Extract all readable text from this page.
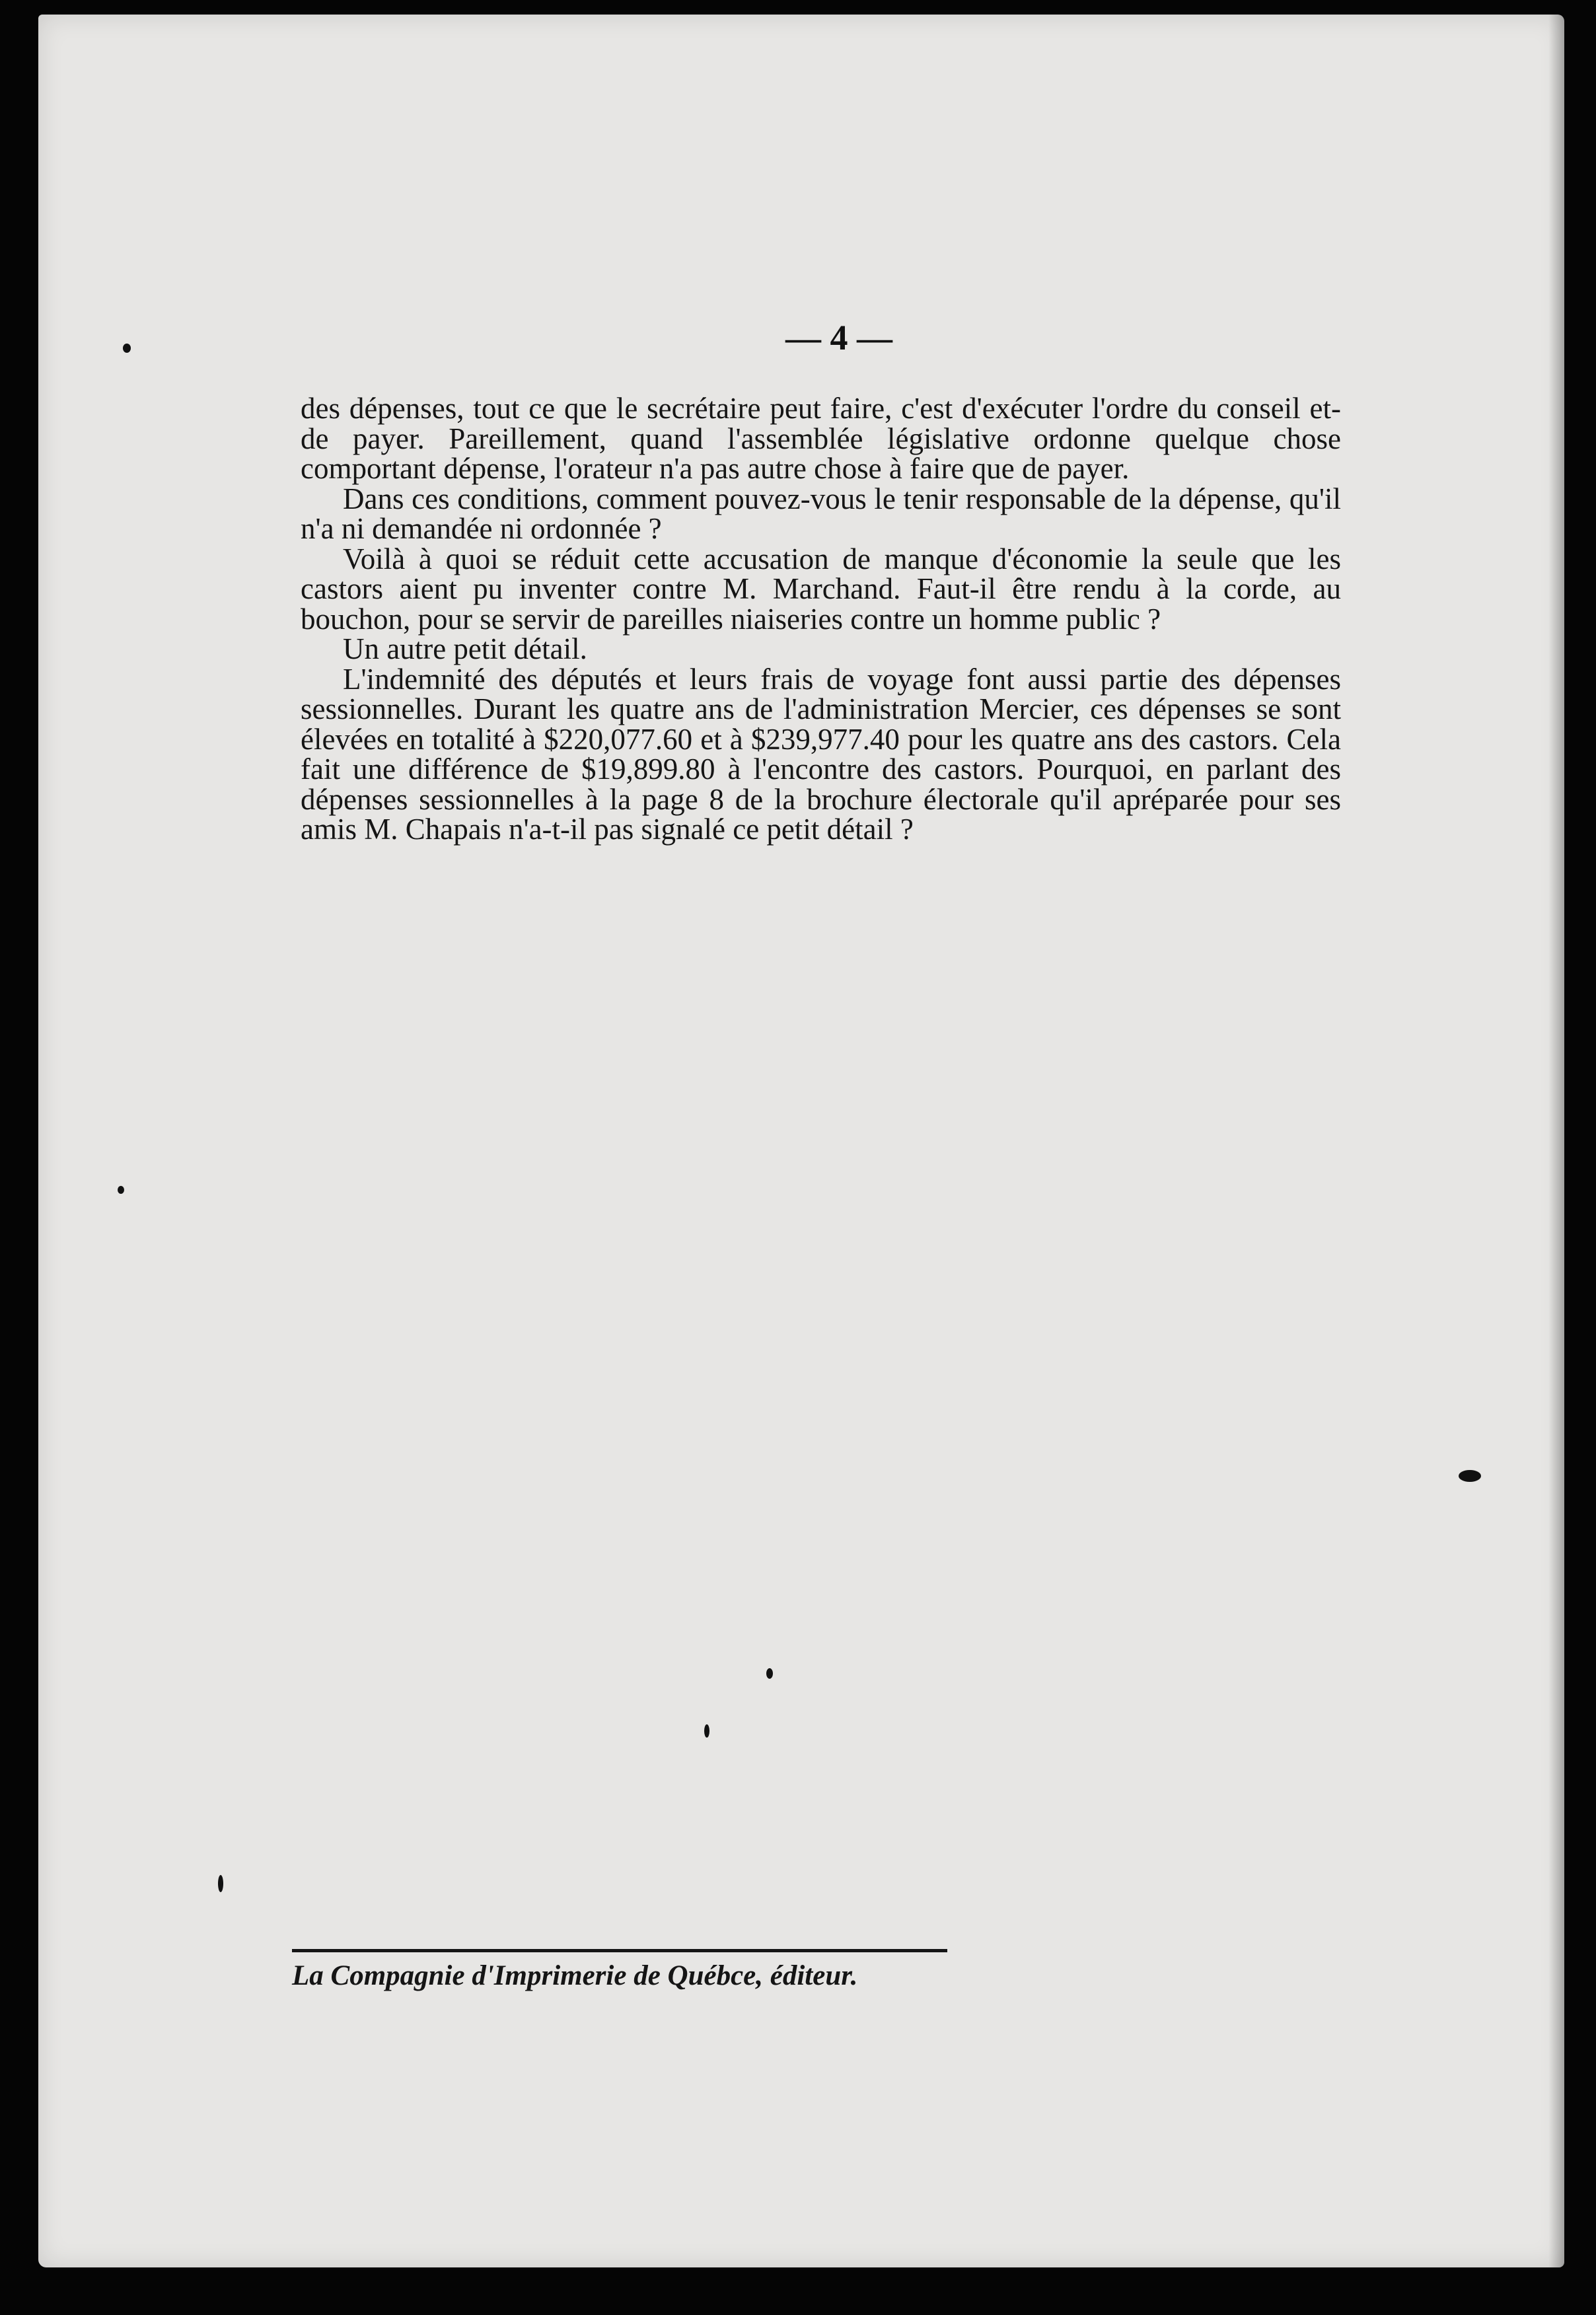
— 4 —

des dépenses, tout ce que le secrétaire peut faire, c'est d'exécuter l'ordre du conseil et-de payer. Pareillement, quand l'assemblée législative ordonne quelque chose comportant dépense, l'orateur n'a pas autre chose à faire que de payer.

Dans ces conditions, comment pouvez-vous le tenir responsable de la dépense, qu'il n'a ni demandée ni ordonnée ?

Voilà à quoi se réduit cette accusation de manque d'économie la seule que les castors aient pu inventer contre M. Marchand. Faut-il être rendu à la corde, au bouchon, pour se servir de pareilles niaiseries contre un homme public ?

Un autre petit détail.

L'indemnité des députés et leurs frais de voyage font aussi partie des dépenses sessionnelles. Durant les quatre ans de l'administration Mercier, ces dépenses se sont élevées en totalité à $220,077.60 et à $239,977.40 pour les quatre ans des castors. Cela fait une différence de $19,899.80 à l'encontre des castors. Pourquoi, en parlant des dépenses sessionnelles à la page 8 de la brochure électorale qu'il apréparée pour ses amis M. Chapais n'a-t-il pas signalé ce petit détail ?

La Compagnie d'Imprimerie de Québce, éditeur.
